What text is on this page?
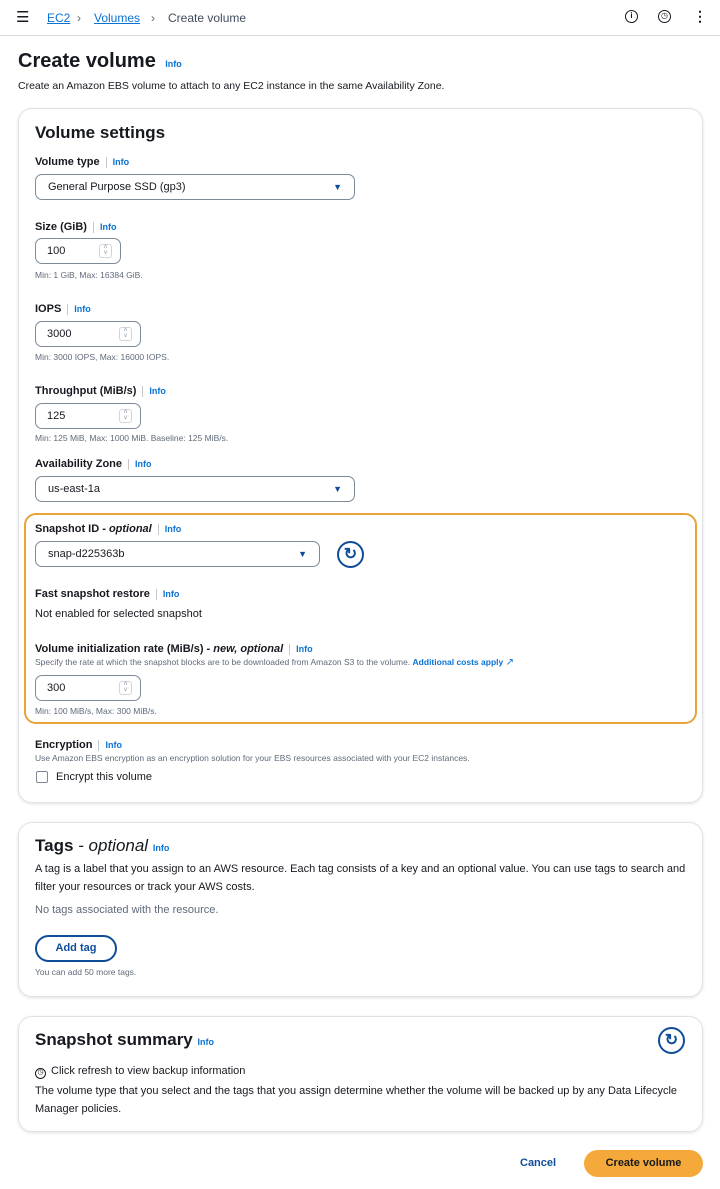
☰ EC2 › Volumes › Create volume	i	◷ ⋮
Create volume Info
Create an Amazon EBS volume to attach to any EC2 instance in the same Availability Zone.
Volume settings
Volume type Info
General Purpose SSD (gp3)	▼
Size (GiB) Info
100	˄
˅
Min: 1 GiB, Max: 16384 GiB.
IOPS Info
3000	˄
˅
Min: 3000 IOPS, Max: 16000 IOPS.
Throughput (MiB/s) Info
125	˄
˅
Min: 125 MiB, Max: 1000 MiB. Baseline: 125 MiB/s.
Availability Zone Info
us-east-1a	▼
Snapshot ID - optional Info
snap-d225363b	▼	↻
Fast snapshot restore Info
Not enabled for selected snapshot
Volume initialization rate (MiB/s) - new, optional Info
Specify the rate at which the snapshot blocks are to be downloaded from Amazon S3 to the volume. Additional costs apply ↗
300	˄
˅
Min: 100 MiB/s, Max: 300 MiB/s.
Encryption Info
Use Amazon EBS encryption as an encryption solution for your EBS resources associated with your EC2 instances.
Encrypt this volume
Tags - optional Info
A tag is a label that you assign to an AWS resource. Each tag consists of a key and an optional value. You can use tags to search and filter your resources or track your AWS costs.
No tags associated with the resource.
Add tag
You can add 50 more tags.
Snapshot summary Info	↻
◷ Click refresh to view backup information
The volume type that you select and the tags that you assign determine whether the volume will be backed up by any Data Lifecycle Manager policies.
Cancel	Create volume
